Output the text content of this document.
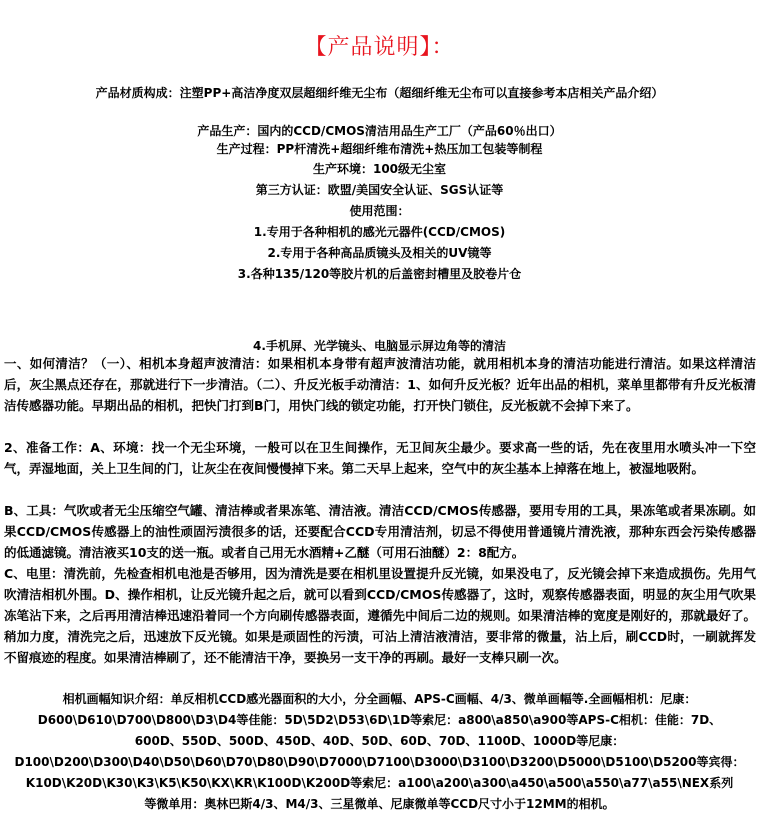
【产品说明】：
产品材质构成：注塑PP+高洁净度双层超细纤维无尘布（超细纤维无尘布可以直接参考本店相关产品介绍）
产品生产：国内的CCD/CMOS清洁用品生产工厂（产品60％出口）
生产过程：PP杆清洗+超细纤维布清洗+热压加工包装等制程
生产环境：100级无尘室
第三方认证：欧盟/美国安全认证、SGS认证等
使用范围：
1.专用于各种相机的感光元器件(CCD/CMOS)
2.专用于各种高品质镜头及相关的UV镜等
3.各种135/120等胶片机的后盖密封槽里及胶卷片仓
4.手机屏、光学镜头、电脑显示屏边角等的清洁
一、如何清洁？（一）、相机本身超声波清洁：如果相机本身带有超声波清洁功能，就用相机本身的清洁功能进行清洁。如果这样清洁后，灰尘黑点还存在，那就进行下一步清洁。（二）、升反光板手动清洁：1、如何升反光板？近年出品的相机，菜单里都带有升反光板清洁传感器功能。早期出品的相机，把快门打到B门，用快门线的锁定功能，打开快门锁住，反光板就不会掉下来了。
2、准备工作：A、环境：找一个无尘环境，一般可以在卫生间操作，无卫间灰尘最少。要求高一些的话，先在夜里用水喷头冲一下空气，弄湿地面，关上卫生间的门，让灰尘在夜间慢慢掉下来。第二天早上起来，空气中的灰尘基本上掉落在地上，被湿地吸附。
B、工具：气吹或者无尘压缩空气罐、清洁棒或者果冻笔、清洁液。清洁CCD/CMOS传感器，要用专用的工具，果冻笔或者果冻刷。如果CCD/CMOS传感器上的油性顽固污渍很多的话，还要配合CCD专用清洁剂，切忌不得使用普通镜片清洗液，那种东西会污染传感器的低通滤镜。清洁液买10支的送一瓶。或者自己用无水酒精+乙醚（可用石油醚）2：8配方。
C、电里：清洗前，先检查相机电池是否够用，因为清洗是要在相机里设置提升反光镜，如果没电了，反光镜会掉下来造成损伤。先用气吹清洁相机外围。D、操作相机，让反光镜升起之后，就可以看到CCD/CMOS传感器了，这时，观察传感器表面，明显的灰尘用气吹果冻笔沾下来，之后再用清洁棒迅速沿着同一个方向刷传感器表面，遵循先中间后二边的规则。如果清洁棒的宽度是刚好的，那就最好了。稍加力度，清洗完之后，迅速放下反光镜。如果是顽固性的污渍，可沾上清洁液清洁，要非常的微量，沾上后，刷CCD时，一刷就挥发不留痕迹的程度。如果清洁棒刷了，还不能清洁干净，要换另一支干净的再刷。最好一支棒只刷一次。
相机画幅知识介绍：单反相机CCD感光器面积的大小，分全画幅、APS-C画幅、4/3、微单画幅等.全画幅相机：尼康：
D600\D610\D700\D800\D3\D4等佳能：5D\5D2\D53\6D\1D等索尼：a800\a850\a900等APS-C相机：佳能：7D、
600D、550D、500D、450D、40D、50D、60D、70D、1100D、1000D等尼康：
D100\D200\D300\D40\D50\D60\D70\D80\D90\D7000\D7100\D3000\D3100\D3200\D5000\D5100\D5200等宾得：
K10D\K20D\K30\K3\K5\K50\KX\KR\K100D\K200D等索尼：a100\a200\a300\a450\a500\a550\a77\a55\NEX系列
等微单用：奥林巴斯4/3、M4/3、三星微单、尼康微单等CCD尺寸小于12MM的相机。
